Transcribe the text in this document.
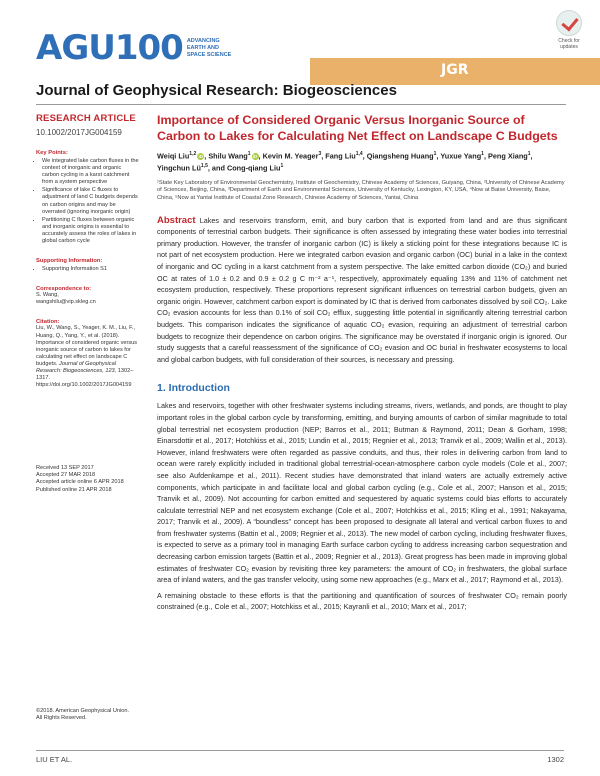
AGU100 ADVANCING
EARTH AND
SPACE SCIENCE
Check for
updates
JGR
Journal of Geophysical Research: Biogeosciences
RESEARCH ARTICLE
10.1002/2017JG004159
Key Points:
• We integrated lake carbon fluxes in the context of inorganic and organic carbon cycling in a karst catchment from a system perspective
• Significance of lake C fluxes to adjustment of land C budgets depends on carbon origins and may be overrated (ignoring inorganic origin)
• Partitioning C fluxes between organic and inorganic origins is essential to accurately assess the roles of lakes in global carbon cycle
Supporting Information:
• Supporting Information S1
Correspondence to:
S. Wang,
wangshilu@vip.skleg.cn
Citation:
Liu, W., Wang, S., Yeager, K. M., Liu, F., Huang, Q., Yang, Y., et al. (2018). Importance of considered organic versus inorganic source of carbon to lakes for calculating net effect on landscape C budgets. Journal of Geophysical Research: Biogeosciences, 123, 1302–1317. https://doi.org/10.1002/2017JG004159
Received 13 SEP 2017
Accepted 27 MAR 2018
Accepted article online 6 APR 2018
Published online 21 APR 2018
©2018. American Geophysical Union.
All Rights Reserved.
Importance of Considered Organic Versus Inorganic Source of Carbon to Lakes for Calculating Net Effect on Landscape C Budgets
Weiqi Liu$^{1,2}$ iD, Shilu Wang$^1$ iD, Kevin M. Yeager$^3$, Fang Liu$^{1,4}$, Qiangsheng Huang$^1$, Yuxue Yang$^1$, Peng Xiang$^1$, Yingchun Lü$^{1,5}$, and Cong-qiang Liu$^1$
¹State Key Laboratory of Environmental Geochemistry, Institute of Geochemistry, Chinese Academy of Sciences, Guiyang, China, ²University of Chinese Academy of Sciences, Beijing, China, ³Department of Earth and Environmental Sciences, University of Kentucky, Lexington, KY, USA, ⁴Now at Baise University, Baise, China, ⁵Now at Yantai Institute of Coastal Zone Research, Chinese Academy of Sciences, Yantai, China
Abstract Lakes and reservoirs transform, emit, and bury carbon that is exported from land and are thus significant components of terrestrial carbon budgets. Their significance is often assessed by integrating these water bodies into terrestrial primary production. However, the transfer of inorganic carbon (IC) is likely a sticking point for these integrations because IC is not part of net ecosystem production. Here we integrated carbon evasion and organic carbon (OC) burial in a lake in the context of inorganic and OC cycling in a karst catchment from a system perspective. The lake emitted carbon dioxide (CO₂) and buried OC at rates of 1.0 ± 0.2 and 0.9 ± 0.2 g C m⁻² a⁻¹, respectively, approximately equaling 13% and 11% of catchment net ecosystem production, respectively. These proportions represent significant influences on terrestrial carbon budgets, given an organic origin. However, catchment carbon export is dominated by IC that is derived from carbonates dissolved by soil CO₂. Lake CO₂ evasion accounts for less than 0.1% of soil CO₂ efflux, suggesting little potential in significantly altering terrestrial carbon budgets. This comparison indicates the significance of aquatic CO₂ evasion, requiring an adjustment of terrestrial carbon budgets to recognize their dependence on carbon origins. The significance may be overstated if inorganic origin is ignored. Our study suggests that a careful reassessment of the significance of CO₂ evasion and OC burial in freshwater ecosystems to local and global carbon budgets, with full consideration of their sources, is necessary and pressing.
1. Introduction
Lakes and reservoirs, together with other freshwater systems including streams, rivers, wetlands, and ponds, are thought to play important roles in the global carbon cycle by transforming, emitting, and burying amounts of carbon of similar magnitude to total global terrestrial net ecosystem production (NEP; Barros et al., 2011; Butman & Raymond, 2011; Dean & Gorham, 1998; Einarsdottir et al., 2017; Hotchkiss et al., 2015; Lundin et al., 2015; Regnier et al., 2013; Tranvik et al., 2009; Wallin et al., 2013). However, inland freshwaters were often regarded as passive conduits, and thus, their roles in delivering carbon from land to ocean were rarely explicitly included in traditional global terrestrial-ocean-atmosphere carbon cycle models (Cole et al., 2007; see also Aufdenkampe et al., 2011). Recent studies have demonstrated that inland waters are actually extremely active components, which participate in and facilitate local and global carbon cycling (e.g., Cole et al., 2007; Hanson et al., 2015; Tranvik et al., 2009). Not accounting for carbon emitted and sequestered by aquatic systems could bias efforts to accurately calculate terrestrial NEP and net ecosystem exchange (Cole et al., 2007; Hotchkiss et al., 2015; Kling et al., 1991; Nakayama, 2017; Tranvik et al., 2009). A “boundless” concept has been proposed to designate all lateral and vertical carbon fluxes to and from freshwater systems (Battin et al., 2009; Regnier et al., 2013). The new model of carbon cycling, including freshwater fluxes, is expected to serve as a primary tool in managing Earth surface carbon cycling to address increasing carbon sequestration and decreasing carbon emission targets (Battin et al., 2009; Regnier et al., 2013). Great progress has been made in improving global estimates of freshwater CO₂ evasion by revisiting three key parameters: the amount of CO₂ in freshwaters, the global surface area of inland waters, and the gas transfer velocity, using some new approaches (e.g., Marx et al., 2017; Raymond et al., 2013).
A remaining obstacle to these efforts is that the partitioning and quantification of sources of freshwater CO₂ remain poorly constrained (e.g., Cole et al., 2007; Hotchkiss et al., 2015; Kayranli et al., 2010; Marx et al., 2017;
LIU ET AL.	1302
